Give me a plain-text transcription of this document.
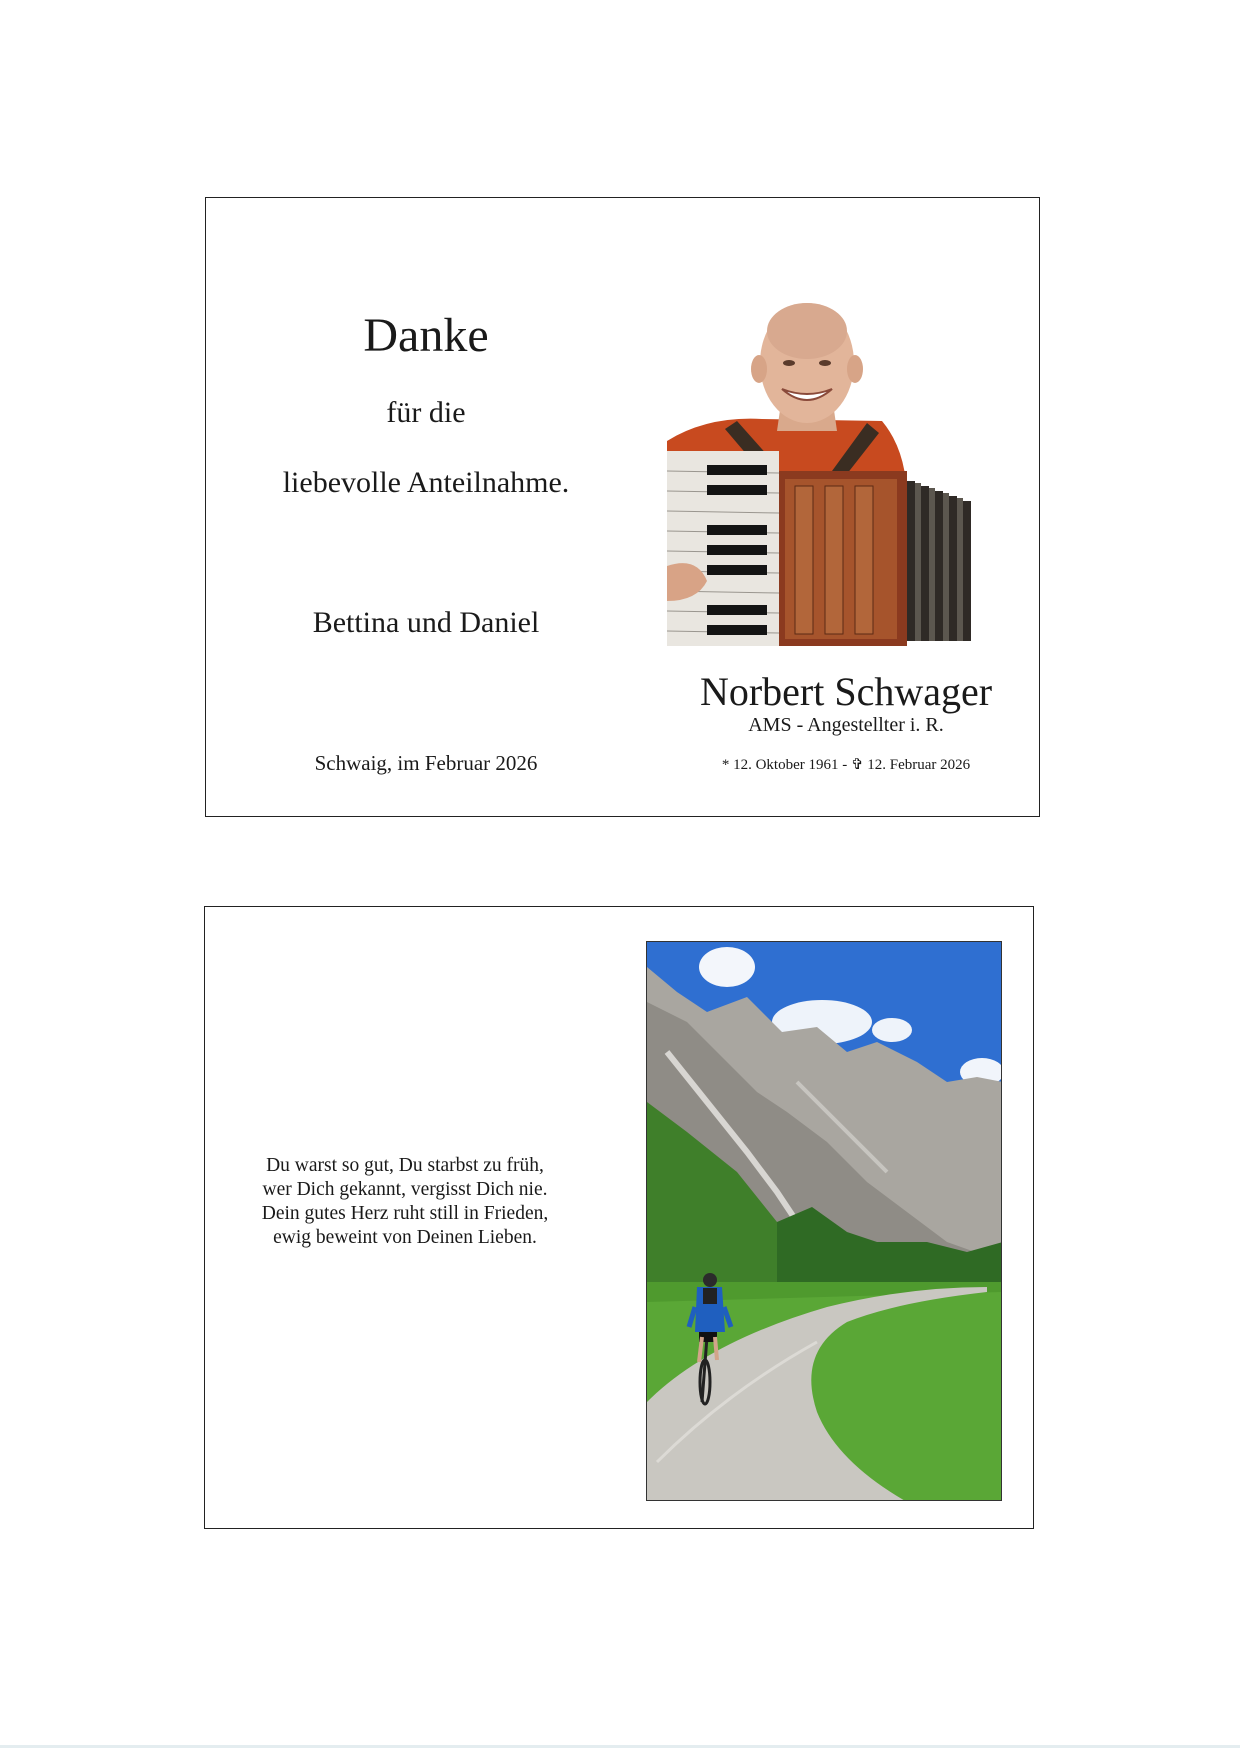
Danke
für die
liebevolle Anteilnahme.
Bettina und Daniel
Schwaig, im Februar 2026
Norbert Schwager
AMS - Angestellter i. R.
* 12. Oktober 1961 - ✞ 12. Februar 2026
Du warst so gut, Du starbst zu früh,
wer Dich gekannt, vergisst Dich nie.
Dein gutes Herz ruht still in Frieden,
ewig beweint von Deinen Lieben.
